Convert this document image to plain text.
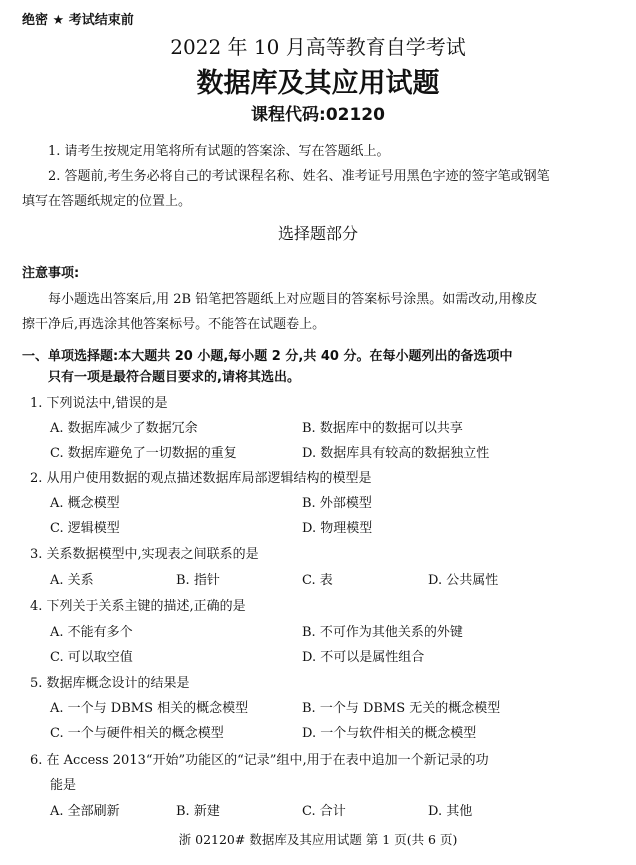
绝密 ★ 考试结束前
2022 年 10 月高等教育自学考试
数据库及其应用试题
课程代码:02120
1. 请考生按规定用笔将所有试题的答案涂、写在答题纸上。
2. 答题前,考生务必将自己的考试课程名称、姓名、准考证号用黑色字迹的签字笔或钢笔
填写在答题纸规定的位置上。
选择题部分
注意事项:
每小题选出答案后,用 2B 铅笔把答题纸上对应题目的答案标号涂黑。如需改动,用橡皮
擦干净后,再选涂其他答案标号。不能答在试题卷上。
一、单项选择题:本大题共 20 小题,每小题 2 分,共 40 分。在每小题列出的备选项中
只有一项是最符合题目要求的,请将其选出。
1. 下列说法中,错误的是
A. 数据库减少了数据冗余	B. 数据库中的数据可以共享
C. 数据库避免了一切数据的重复	D. 数据库具有较高的数据独立性
2. 从用户使用数据的观点描述数据库局部逻辑结构的模型是
A. 概念模型	B. 外部模型
C. 逻辑模型	D. 物理模型
3. 关系数据模型中,实现表之间联系的是
A. 关系	B. 指针	C. 表	D. 公共属性
4. 下列关于关系主键的描述,正确的是
A. 不能有多个	B. 不可作为其他关系的外键
C. 可以取空值	D. 不可以是属性组合
5. 数据库概念设计的结果是
A. 一个与 DBMS 相关的概念模型	B. 一个与 DBMS 无关的概念模型
C. 一个与硬件相关的概念模型	D. 一个与软件相关的概念模型
6. 在 Access 2013“开始”功能区的“记录”组中,用于在表中追加一个新记录的功
能是
A. 全部刷新	B. 新建	C. 合计	D. 其他
浙 02120# 数据库及其应用试题 第 1 页(共 6 页)
